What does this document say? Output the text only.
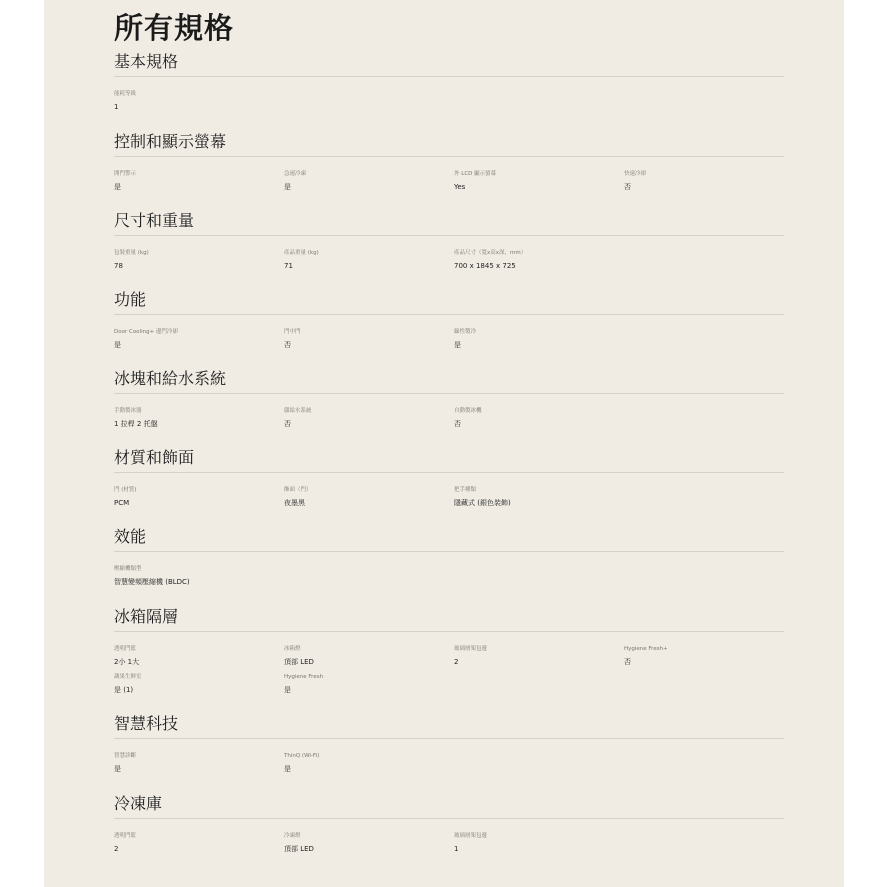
所有規格
基本規格
能耗等級
1
控制和顯示螢幕
開門警示
是
急速冷凍
是
外 LCD 顯示螢幕
Yes
快速冷卻
否
尺寸和重量
包裝重量 (kg)
78
產品重量 (kg)
71
產品尺寸（寬x高x深，mm）
700 x 1845 x 725
功能
Door Cooling+ 邊門冷卻
是
門中門
否
線性製冷
是
冰塊和給水系統
手動製冰器
1 拉桿 2 托盤
儲給水系統
否
自動製冰機
否
材質和飾面
門 (材質)
PCM
飾面（門）
夜墨黑
把手種類
隱藏式 (銀色裝飾)
效能
壓縮機類型
智慧變頻壓縮機 (BLDC)
冰箱隔層
透明門籃
2小 1大
冰箱燈
頂部 LED
玻璃層架包邊
2
Hygiene Fresh+
否
蔬果生鮮室
是 (1)
Hygiene Fresh
是
智慧科技
智慧診斷
是
ThinQ (Wi-Fi)
是
冷凍庫
透明門籃
2
冷凍燈
頂部 LED
玻璃層架包邊
1
